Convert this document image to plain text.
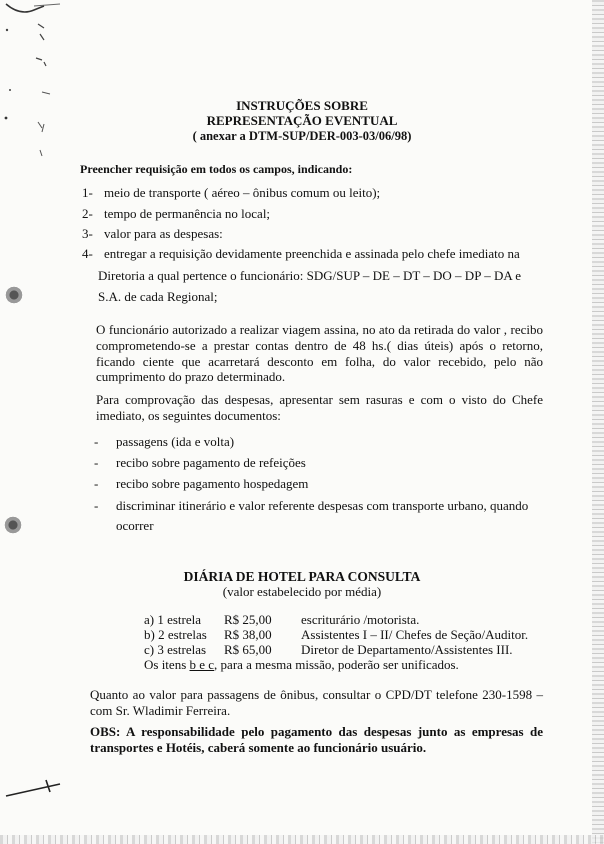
INSTRUÇÕES SOBRE
REPRESENTAÇÃO EVENTUAL
( anexar a DTM-SUP/DER-003-03/06/98)
Preencher requisição em todos os campos, indicando:
1- meio de transporte ( aéreo – ônibus comum ou leito);
2- tempo de permanência no local;
3- valor para as despesas:
4- entregar a requisição devidamente preenchida e assinada pelo chefe imediato na
Diretoria a qual pertence o funcionário: SDG/SUP – DE – DT – DO – DP – DA e
S.A. de cada Regional;
O funcionário autorizado a realizar viagem assina, no ato da retirada do valor , recibo comprometendo-se a prestar contas dentro de 48 hs.( dias úteis) após o retorno, ficando ciente que acarretará desconto em folha, do valor recebido, pelo não cumprimento do prazo determinado.
Para comprovação das despesas, apresentar sem rasuras e com o visto do Chefe imediato, os seguintes documentos:
- passagens (ida e volta)
- recibo sobre pagamento de refeições
- recibo sobre pagamento hospedagem
- discriminar itinerário e valor referente despesas com transporte urbano, quando
ocorrer
DIÁRIA DE HOTEL PARA CONSULTA
(valor estabelecido por média)
a) 1 estrela R$ 25,00 escriturário /motorista.
b) 2 estrelas R$ 38,00 Assistentes I – II/ Chefes de Seção/Auditor.
c) 3 estrelas R$ 65,00 Diretor de Departamento/Assistentes III.
Os itens b e c, para a mesma missão, poderão ser unificados.
Quanto ao valor para passagens de ônibus, consultar o CPD/DT telefone 230-1598 – com Sr. Wladimir Ferreira.
OBS: A responsabilidade pelo pagamento das despesas junto as empresas de transportes e Hotéis, caberá somente ao funcionário usuário.
